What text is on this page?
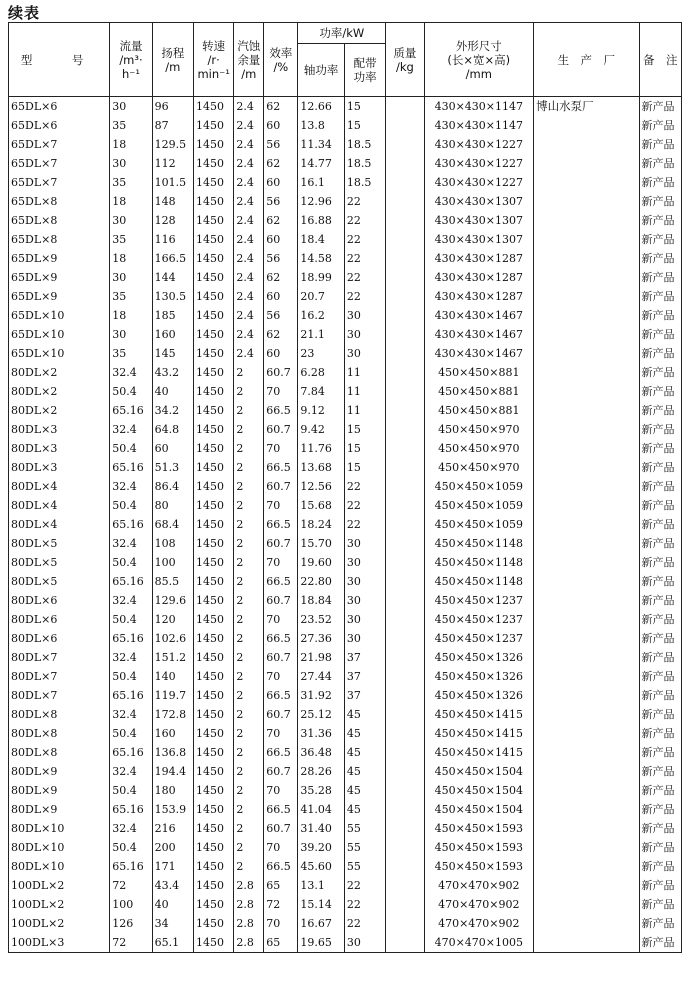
续表
型　号	流量
/m³·
h⁻¹	扬程
/m	转速
/r·
min⁻¹	汽蚀
余量
/m	效率
/%	功率/kW		质量
/kg	外形尺寸
(长×宽×高)
/mm	生　产　厂	备　注
						轴功率	配带
功率				
65DL×6	30	96	1450	2.4	62	12.66	15		430×430×1147	博山水泵厂	新产品
65DL×6	35	87	1450	2.4	60	13.8	15		430×430×1147		新产品
65DL×7	18	129.5	1450	2.4	56	11.34	18.5		430×430×1227		新产品
65DL×7	30	112	1450	2.4	62	14.77	18.5		430×430×1227		新产品
65DL×7	35	101.5	1450	2.4	60	16.1	18.5		430×430×1227		新产品
65DL×8	18	148	1450	2.4	56	12.96	22		430×430×1307		新产品
65DL×8	30	128	1450	2.4	62	16.88	22		430×430×1307		新产品
65DL×8	35	116	1450	2.4	60	18.4	22		430×430×1307		新产品
65DL×9	18	166.5	1450	2.4	56	14.58	22		430×430×1287		新产品
65DL×9	30	144	1450	2.4	62	18.99	22		430×430×1287		新产品
65DL×9	35	130.5	1450	2.4	60	20.7	22		430×430×1287		新产品
65DL×10	18	185	1450	2.4	56	16.2	30		430×430×1467		新产品
65DL×10	30	160	1450	2.4	62	21.1	30		430×430×1467		新产品
65DL×10	35	145	1450	2.4	60	23	30		430×430×1467		新产品
80DL×2	32.4	43.2	1450	2	60.7	6.28	11		450×450×881		新产品
80DL×2	50.4	40	1450	2	70	7.84	11		450×450×881		新产品
80DL×2	65.16	34.2	1450	2	66.5	9.12	11		450×450×881		新产品
80DL×3	32.4	64.8	1450	2	60.7	9.42	15		450×450×970		新产品
80DL×3	50.4	60	1450	2	70	11.76	15		450×450×970		新产品
80DL×3	65.16	51.3	1450	2	66.5	13.68	15		450×450×970		新产品
80DL×4	32.4	86.4	1450	2	60.7	12.56	22		450×450×1059		新产品
80DL×4	50.4	80	1450	2	70	15.68	22		450×450×1059		新产品
80DL×4	65.16	68.4	1450	2	66.5	18.24	22		450×450×1059		新产品
80DL×5	32.4	108	1450	2	60.7	15.70	30		450×450×1148		新产品
80DL×5	50.4	100	1450	2	70	19.60	30		450×450×1148		新产品
80DL×5	65.16	85.5	1450	2	66.5	22.80	30		450×450×1148		新产品
80DL×6	32.4	129.6	1450	2	60.7	18.84	30		450×450×1237		新产品
80DL×6	50.4	120	1450	2	70	23.52	30		450×450×1237		新产品
80DL×6	65.16	102.6	1450	2	66.5	27.36	30		450×450×1237		新产品
80DL×7	32.4	151.2	1450	2	60.7	21.98	37		450×450×1326		新产品
80DL×7	50.4	140	1450	2	70	27.44	37		450×450×1326		新产品
80DL×7	65.16	119.7	1450	2	66.5	31.92	37		450×450×1326		新产品
80DL×8	32.4	172.8	1450	2	60.7	25.12	45		450×450×1415		新产品
80DL×8	50.4	160	1450	2	70	31.36	45		450×450×1415		新产品
80DL×8	65.16	136.8	1450	2	66.5	36.48	45		450×450×1415		新产品
80DL×9	32.4	194.4	1450	2	60.7	28.26	45		450×450×1504		新产品
80DL×9	50.4	180	1450	2	70	35.28	45		450×450×1504		新产品
80DL×9	65.16	153.9	1450	2	66.5	41.04	45		450×450×1504		新产品
80DL×10	32.4	216	1450	2	60.7	31.40	55		450×450×1593		新产品
80DL×10	50.4	200	1450	2	70	39.20	55		450×450×1593		新产品
80DL×10	65.16	171	1450	2	66.5	45.60	55		450×450×1593		新产品
100DL×2	72	43.4	1450	2.8	65	13.1	22		470×470×902		新产品
100DL×2	100	40	1450	2.8	72	15.14	22		470×470×902		新产品
100DL×2	126	34	1450	2.8	70	16.67	22		470×470×902		新产品
100DL×3	72	65.1	1450	2.8	65	19.65	30		470×470×1005		新产品
